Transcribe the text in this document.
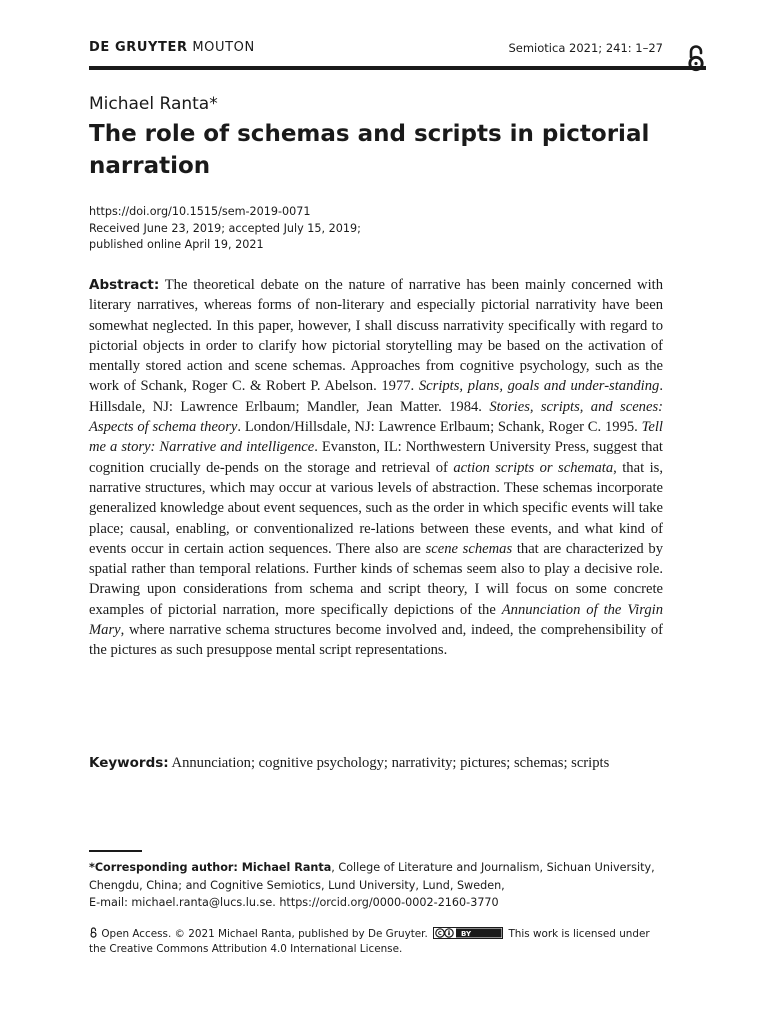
DE GRUYTER MOUTON	Semiotica 2021; 241: 1–27
Michael Ranta*
The role of schemas and scripts in pictorial narration
https://doi.org/10.1515/sem-2019-0071
Received June 23, 2019; accepted July 15, 2019;
published online April 19, 2021

Abstract: The theoretical debate on the nature of narrative has been mainly concerned with literary narratives, whereas forms of non-literary and especially pictorial narrativity have been somewhat neglected. In this paper, however, I shall discuss narrativity specifically with regard to pictorial objects in order to clarify how pictorial storytelling may be based on the activation of mentally stored action and scene schemas. Approaches from cognitive psychology, such as the work of Schank, Roger C. & Robert P. Abelson. 1977. Scripts, plans, goals and under-standing. Hillsdale, NJ: Lawrence Erlbaum; Mandler, Jean Matter. 1984. Stories, scripts, and scenes: Aspects of schema theory. London/Hillsdale, NJ: Lawrence Erlbaum; Schank, Roger C. 1995. Tell me a story: Narrative and intelligence. Evanston, IL: Northwestern University Press, suggest that cognition crucially de-pends on the storage and retrieval of action scripts or schemata, that is, narrative structures, which may occur at various levels of abstraction. These schemas incorporate generalized knowledge about event sequences, such as the order in which specific events will take place; causal, enabling, or conventionalized re-lations between these events, and what kind of events occur in certain action sequences. There also are scene schemas that are characterized by spatial rather than temporal relations. Further kinds of schemas seem also to play a decisive role. Drawing upon considerations from schema and script theory, I will focus on some concrete examples of pictorial narration, more specifically depictions of the Annunciation of the Virgin Mary, where narrative schema structures become involved and, indeed, the comprehensibility of the pictures as such presuppose mental script representations.

Keywords: Annunciation; cognitive psychology; narrativity; pictures; schemas; scripts

*Corresponding author: Michael Ranta, College of Literature and Journalism, Sichuan University,
Chengdu, China; and Cognitive Semiotics, Lund University, Lund, Sweden,
E-mail: michael.ranta@lucs.lu.se. https://orcid.org/0000-0002-2160-3770
Open Access. © 2021 Michael Ranta, published by De Gruyter.	BY	This work is licensed under
the Creative Commons Attribution 4.0 International License.
